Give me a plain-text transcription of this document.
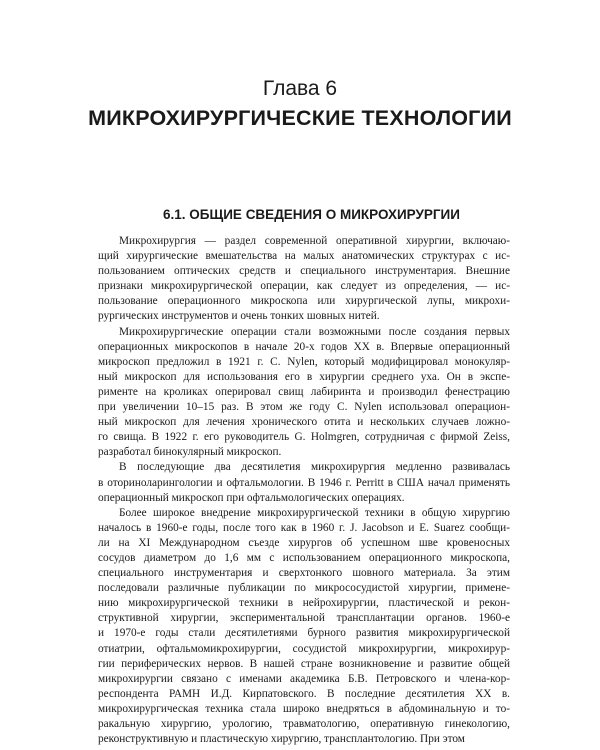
Глава 6
МИКРОХИРУРГИЧЕСКИЕ ТЕХНОЛОГИИ
6.1. ОБЩИЕ СВЕДЕНИЯ О МИКРОХИРУРГИИ
Микрохирургия — раздел современной оперативной хирургии, включаю-
щий хирургические вмешательства на малых анатомических структурах с ис-
пользованием оптических средств и специального инструментария. Внешние
признаки микрохирургической операции, как следует из определения, — ис-
пользование операционного микроскопа или хирургической лупы, микрохи-
рургических инструментов и очень тонких шовных нитей.
Микрохирургические операции стали возможными после создания первых
операционных микроскопов в начале 20-х годов XX в. Впервые операционный
микроскоп предложил в 1921 г. C. Nylen, который модифицировал монокуляр-
ный микроскоп для использования его в хирургии среднего уха. Он в экспе-
рименте на кроликах оперировал свищ лабиринта и производил фенестрацию
при увеличении 10–15 раз. В этом же году C. Nylen использовал операцион-
ный микроскоп для лечения хронического отита и нескольких случаев ложно-
го свища. В 1922 г. его руководитель G. Holmgren, сотрудничая с фирмой Zeiss,
разработал бинокулярный микроскоп.
В последующие два десятилетия микрохирургия медленно развивалась
в оториноларингологии и офтальмологии. В 1946 г. Perritt в США начал применять
операционный микроскоп при офтальмологических операциях.
Более широкое внедрение микрохирургической техники в общую хирургию
началось в 1960-е годы, после того как в 1960 г. J. Jacobson и E. Suarez сообщи-
ли на XI Международном съезде хирургов об успешном шве кровеносных
сосудов диаметром до 1,6 мм с использованием операционного микроскопа,
специального инструментария и сверхтонкого шовного материала. За этим
последовали различные публикации по микрососудистой хирургии, примене-
нию микрохирургической техники в нейрохирургии, пластической и рекон-
структивной хирургии, экспериментальной трансплантации органов. 1960-е
и 1970-е годы стали десятилетиями бурного развития микрохирургической
отиатрии, офтальмомикрохирургии, сосудистой микрохирургии, микрохирур-
гии периферических нервов. В нашей стране возникновение и развитие общей
микрохирургии связано с именами академика Б.В. Петровского и члена-кор-
респондента РАМН И.Д. Кирпатовского. В последние десятилетия XX в.
микрохирургическая техника стала широко внедряться в абдоминальную и то-
ракальную хирургию, урологию, травматологию, оперативную гинекологию,
реконструктивную и пластическую хирургию, трансплантологию. При этом
